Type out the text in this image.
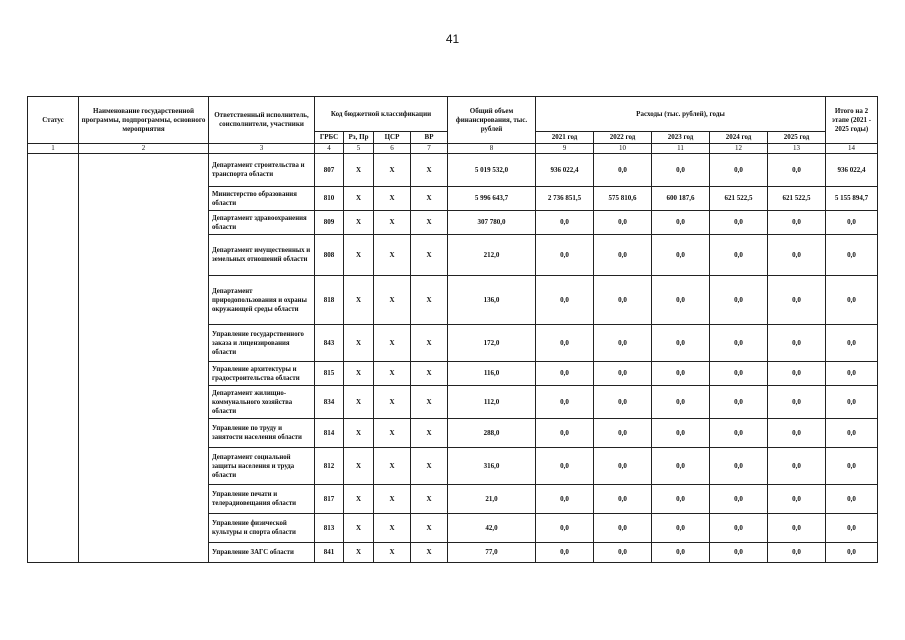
41
Статус	Наименование государственной программы, подпрограммы, основного мероприятия	Ответственный исполнитель, соисполнители, участники	Код бюджетной классификации				Общий объем финансирования, тыс. рублей	Расходы (тыс. рублей), годы					Итого на 2 этапе (2021 - 2025 годы)
			ГРБС	Рз, Пр	ЦСР	ВР		2021 год	2022 год	2023 год	2024 год	2025 год	
1	2	3	4	5	6	7	8	9	10	11	12	13	14
		Департамент строительства и транспорта области	807	X	X	X	5 019 532,0	936 022,4	0,0	0,0	0,0	0,0	936 022,4
		Министерство образования области	810	X	X	X	5 996 643,7	2 736 851,5	575 810,6	600 187,6	621 522,5	621 522,5	5 155 894,7
		Департамент здравоохранения области	809	X	X	X	307 780,0	0,0	0,0	0,0	0,0	0,0	0,0
		Департамент имущественных и земельных отношений области	808	X	X	X	212,0	0,0	0,0	0,0	0,0	0,0	0,0
		Департамент природопользования и охраны окружающей среды области	818	X	X	X	136,0	0,0	0,0	0,0	0,0	0,0	0,0
		Управление государственного заказа и лицензирования области	843	X	X	X	172,0	0,0	0,0	0,0	0,0	0,0	0,0
		Управление архитектуры и градостроительства области	815	X	X	X	116,0	0,0	0,0	0,0	0,0	0,0	0,0
		Департамент жилищно-коммунального хозяйства области	834	X	X	X	112,0	0,0	0,0	0,0	0,0	0,0	0,0
		Управление по труду и занятости населения области	814	X	X	X	288,0	0,0	0,0	0,0	0,0	0,0	0,0
		Департамент социальной защиты населения и труда области	812	X	X	X	316,0	0,0	0,0	0,0	0,0	0,0	0,0
		Управление печати и телерадиовещания области	817	X	X	X	21,0	0,0	0,0	0,0	0,0	0,0	0,0
		Управление физической культуры и спорта области	813	X	X	X	42,0	0,0	0,0	0,0	0,0	0,0	0,0
		Управление ЗАГС области	841	X	X	X	77,0	0,0	0,0	0,0	0,0	0,0	0,0
